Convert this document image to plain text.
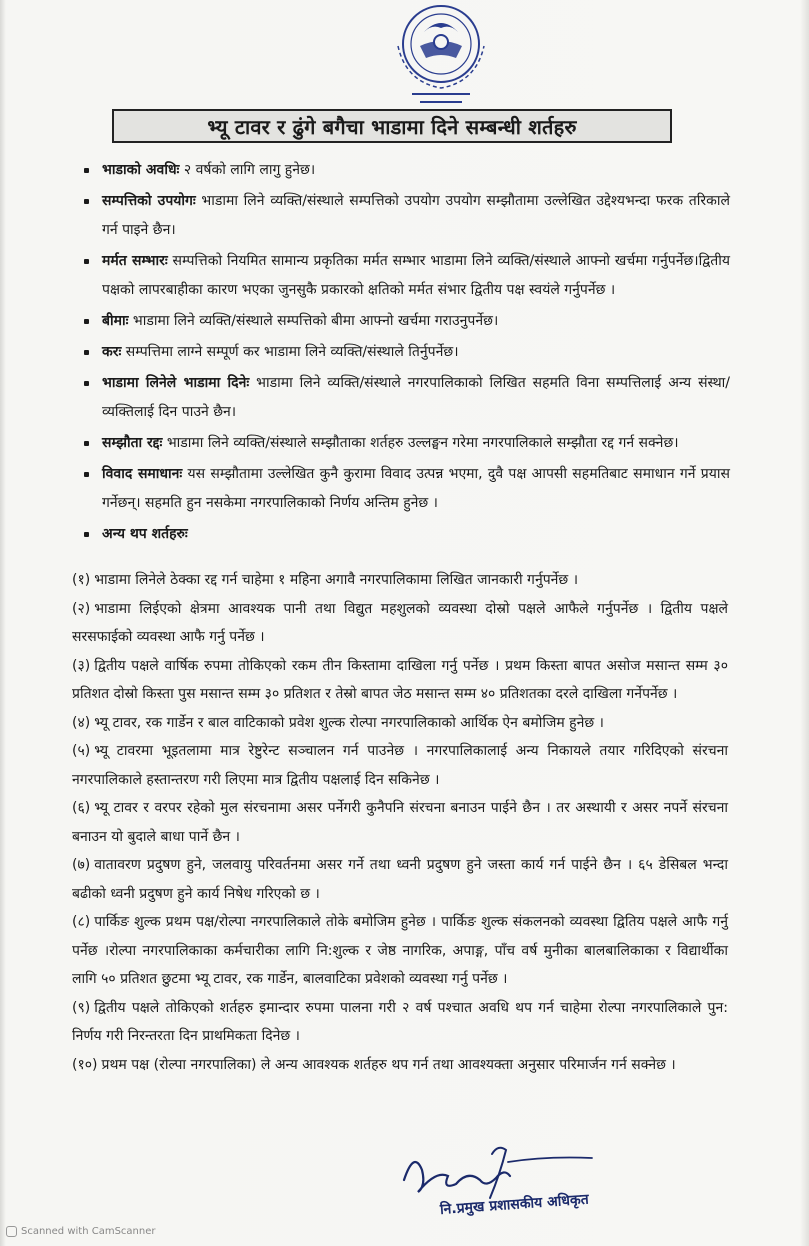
भ्यू टावर र ढुंगे बगैचा भाडामा दिने सम्बन्धी शर्तहरु
भाडाको अवधिः २ वर्षको लागि लागु हुनेछ।
सम्पत्तिको उपयोगः भाडामा लिने व्यक्ति/संस्थाले सम्पत्तिको उपयोग उपयोग सम्झौतामा उल्लेखित उद्देश्यभन्दा फरक तरिकाले गर्न पाइने छैन।
मर्मत सम्भारः सम्पत्तिको नियमित सामान्य प्रकृतिका मर्मत सम्भार भाडामा लिने व्यक्ति/संस्थाले आफ्नो खर्चमा गर्नुपर्नेछ।द्वितीय पक्षको लापरबाहीका कारण भएका जुनसुकै प्रकारको क्षतिको मर्मत संभार द्वितीय पक्ष स्वयंले गर्नुपर्नेछ ।
बीमाः भाडामा लिने व्यक्ति/संस्थाले सम्पत्तिको बीमा आफ्नो खर्चमा गराउनुपर्नेछ।
करः सम्पत्तिमा लाग्ने सम्पूर्ण कर भाडामा लिने व्यक्ति/संस्थाले तिर्नुपर्नेछ।
भाडामा लिनेले भाडामा दिनेः भाडामा लिने व्यक्ति/संस्थाले नगरपालिकाको लिखित सहमति विना सम्पत्तिलाई अन्य संस्था/व्यक्तिलाई दिन पाउने छैन।
सम्झौता रद्दः भाडामा लिने व्यक्ति/संस्थाले सम्झौताका शर्तहरु उल्लङ्घन गरेमा नगरपालिकाले सम्झौता रद्द गर्न सक्नेछ।
विवाद समाधानः यस सम्झौतामा उल्लेखित कुनै कुरामा विवाद उत्पन्न भएमा, दुवै पक्ष आपसी सहमतिबाट समाधान गर्ने प्रयास गर्नेछन्। सहमति हुन नसकेमा नगरपालिकाको निर्णय अन्तिम हुनेछ ।
अन्य थप शर्तहरुः
(१) भाडामा लिनेले ठेक्का रद्द गर्न चाहेमा १ महिना अगावै नगरपालिकामा लिखित जानकारी गर्नुपर्नेछ ।
(२) भाडामा लिईएको क्षेत्रमा आवश्यक पानी तथा विद्युत महशुलको व्यवस्था दोस्रो पक्षले आफैले गर्नुपर्नेछ । द्वितीय पक्षले सरसफाईको व्यवस्था आफै गर्नु पर्नेछ ।
(३) द्वितीय पक्षले वार्षिक रुपमा तोकिएको रकम तीन किस्तामा दाखिला गर्नु पर्नेछ । प्रथम किस्ता बापत असोज मसान्त सम्म ३० प्रतिशत दोस्रो किस्ता पुस मसान्त सम्म ३० प्रतिशत र तेस्रो बापत जेठ मसान्त सम्म ४० प्रतिशतका दरले दाखिला गर्नेपर्नेछ ।
(४) भ्यू टावर, रक गार्डेन र बाल वाटिकाको प्रवेश शुल्क रोल्पा नगरपालिकाको आर्थिक ऐन बमोजिम हुनेछ ।
(५) भ्यू टावरमा भूइतलामा मात्र रेष्टुरेन्ट सञ्चालन गर्न पाउनेछ । नगरपालिकालाई अन्य निकायले तयार गरिदिएको संरचना नगरपालिकाले हस्तान्तरण गरी लिएमा मात्र द्वितीय पक्षलाई दिन सकिनेछ ।
(६) भ्यू टावर र वरपर रहेको मुल संरचनामा असर पर्नेगरी कुनैपनि संरचना बनाउन पाईने छैन । तर अस्थायी र असर नपर्ने संरचना बनाउन यो बुदाले बाधा पार्ने छैन ।
(७) वातावरण प्रदुषण हुने, जलवायु परिवर्तनमा असर गर्ने तथा ध्वनी प्रदुषण हुने जस्ता कार्य गर्न पाईने छैन । ६५ डेसिबल भन्दा बढीको ध्वनी प्रदुषण हुने कार्य निषेध गरिएको छ ।
(८) पार्किङ शुल्क प्रथम पक्ष/रोल्पा नगरपालिकाले तोके बमोजिम हुनेछ । पार्किङ शुल्क संकलनको व्यवस्था द्वितिय पक्षले आफै गर्नु पर्नेछ ।रोल्पा नगरपालिकाका कर्मचारीका लागि नि:शुल्क र जेष्ठ नागरिक, अपाङ्ग, पाँच वर्ष मुनीका बालबालिकाका र विद्यार्थीका लागि ५० प्रतिशत छुटमा भ्यू टावर, रक गार्डेन, बालवाटिका प्रवेशको व्यवस्था गर्नु पर्नेछ ।
(९) द्वितीय पक्षले तोकिएको शर्तहरु इमान्दार रुपमा पालना गरी २ वर्ष पश्चात अवधि थप गर्न चाहेमा रोल्पा नगरपालिकाले पुन: निर्णय गरी निरन्तरता दिन प्राथमिकता दिनेछ ।
(१०) प्रथम पक्ष (रोल्पा नगरपालिका) ले अन्य आवश्यक शर्तहरु थप गर्न तथा आवश्यक्ता अनुसार परिमार्जन गर्न सक्नेछ ।
नि.प्रमुख प्रशासकीय अधिकृत
Scanned with CamScanner
